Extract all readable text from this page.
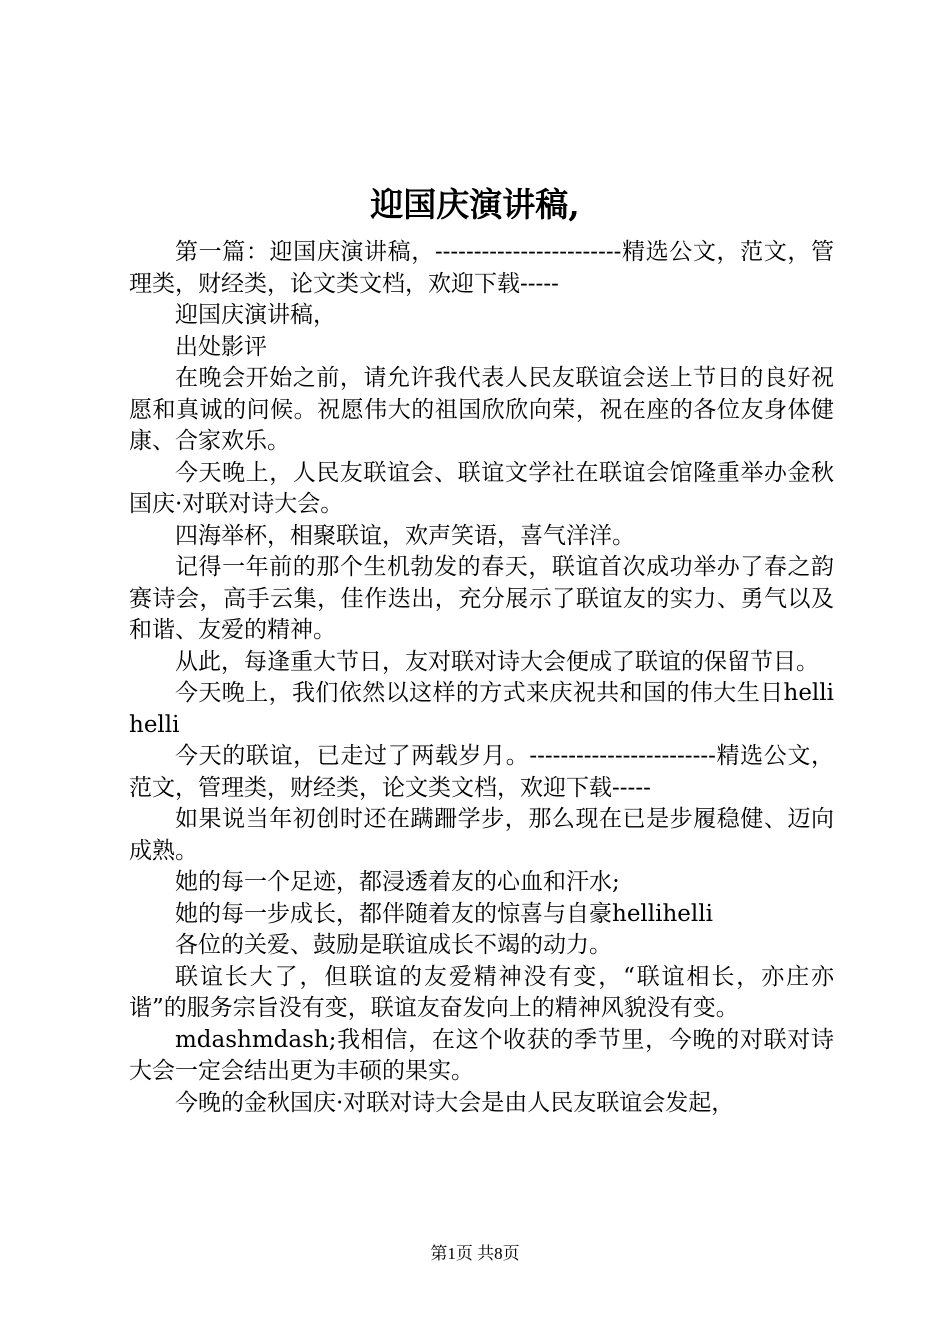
迎国庆演讲稿,

第一篇：迎国庆演讲稿，------------------------精选公文，范文，管理类，财经类，论文类文档，欢迎下载-----

迎国庆演讲稿，

出处影评

在晚会开始之前，请允许我代表人民友联谊会送上节日的良好祝愿和真诚的问候。祝愿伟大的祖国欣欣向荣，祝在座的各位友身体健康、合家欢乐。

今天晚上，人民友联谊会、联谊文学社在联谊会馆隆重举办金秋国庆·对联对诗大会。

四海举杯，相聚联谊，欢声笑语，喜气洋洋。

记得一年前的那个生机勃发的春天，联谊首次成功举办了春之韵赛诗会，高手云集，佳作迭出，充分展示了联谊友的实力、勇气以及和谐、友爱的精神。

从此，每逢重大节日，友对联对诗大会便成了联谊的保留节目。

今天晚上，我们依然以这样的方式来庆祝共和国的伟大生日hellihelli

今天的联谊，已走过了两载岁月。------------------------精选公文，范文，管理类，财经类，论文类文档，欢迎下载-----

如果说当年初创时还在蹒跚学步，那么现在已是步履稳健、迈向成熟。

她的每一个足迹，都浸透着友的心血和汗水;

她的每一步成长，都伴随着友的惊喜与自豪hellihelli

各位的关爱、鼓励是联谊成长不竭的动力。

联谊长大了，但联谊的友爱精神没有变，“联谊相长，亦庄亦谐”的服务宗旨没有变，联谊友奋发向上的精神风貌没有变。

mdashmdash;我相信，在这个收获的季节里，今晚的对联对诗大会一定会结出更为丰硕的果实。

今晚的金秋国庆·对联对诗大会是由人民友联谊会发起，

第1页 共8页
